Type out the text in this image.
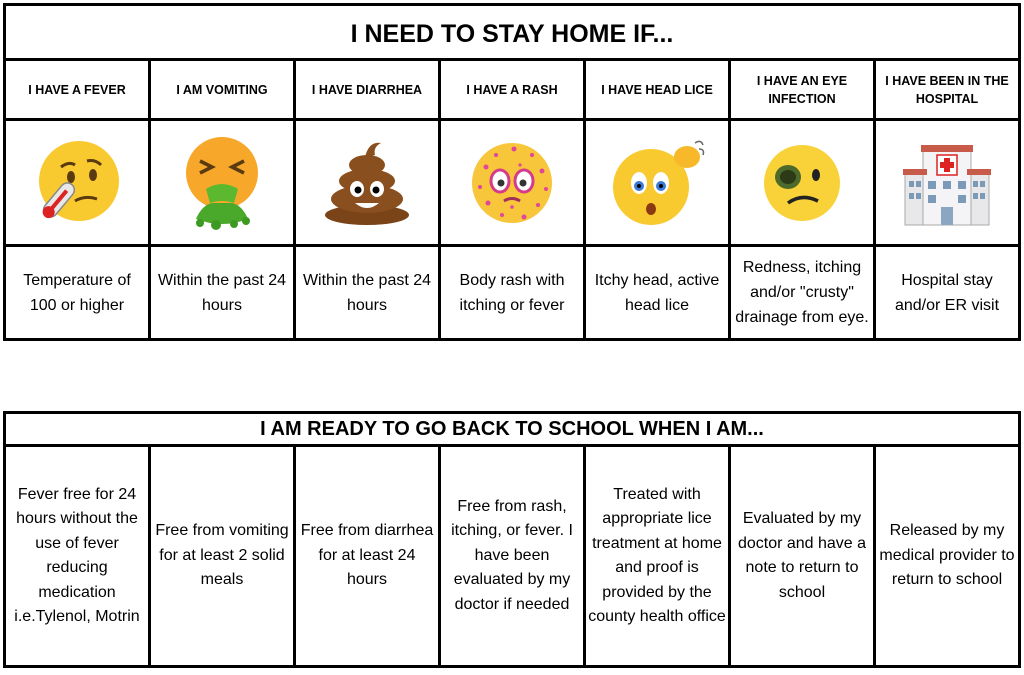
I NEED TO STAY HOME IF...						
I HAVE A FEVER	I AM VOMITING	I HAVE DIARRHEA	I HAVE A RASH	I HAVE HEAD LICE	I HAVE AN EYE INFECTION	I HAVE BEEN IN THE HOSPITAL

Temperature of 100 or higher	Within the past 24 hours	Within the past 24 hours	Body rash with itching or fever	Itchy head, active head lice	Redness, itching and/or "crusty" drainage from eye.	Hospital stay and/or ER visit
I AM READY TO GO BACK TO SCHOOL WHEN I AM...
Fever free for 24 hours without the use of fever reducing medication i.e.Tylenol, Motrin	Free from vomiting for at least 2 solid meals	Free from diarrhea for at least 24 hours	Free from rash, itching, or fever. I have been evaluated by my doctor if needed	Treated with appropriate lice treatment at home and proof is provided by the county health office	Evaluated by my doctor and have a note to return to school	Released by my medical provider to return to school
